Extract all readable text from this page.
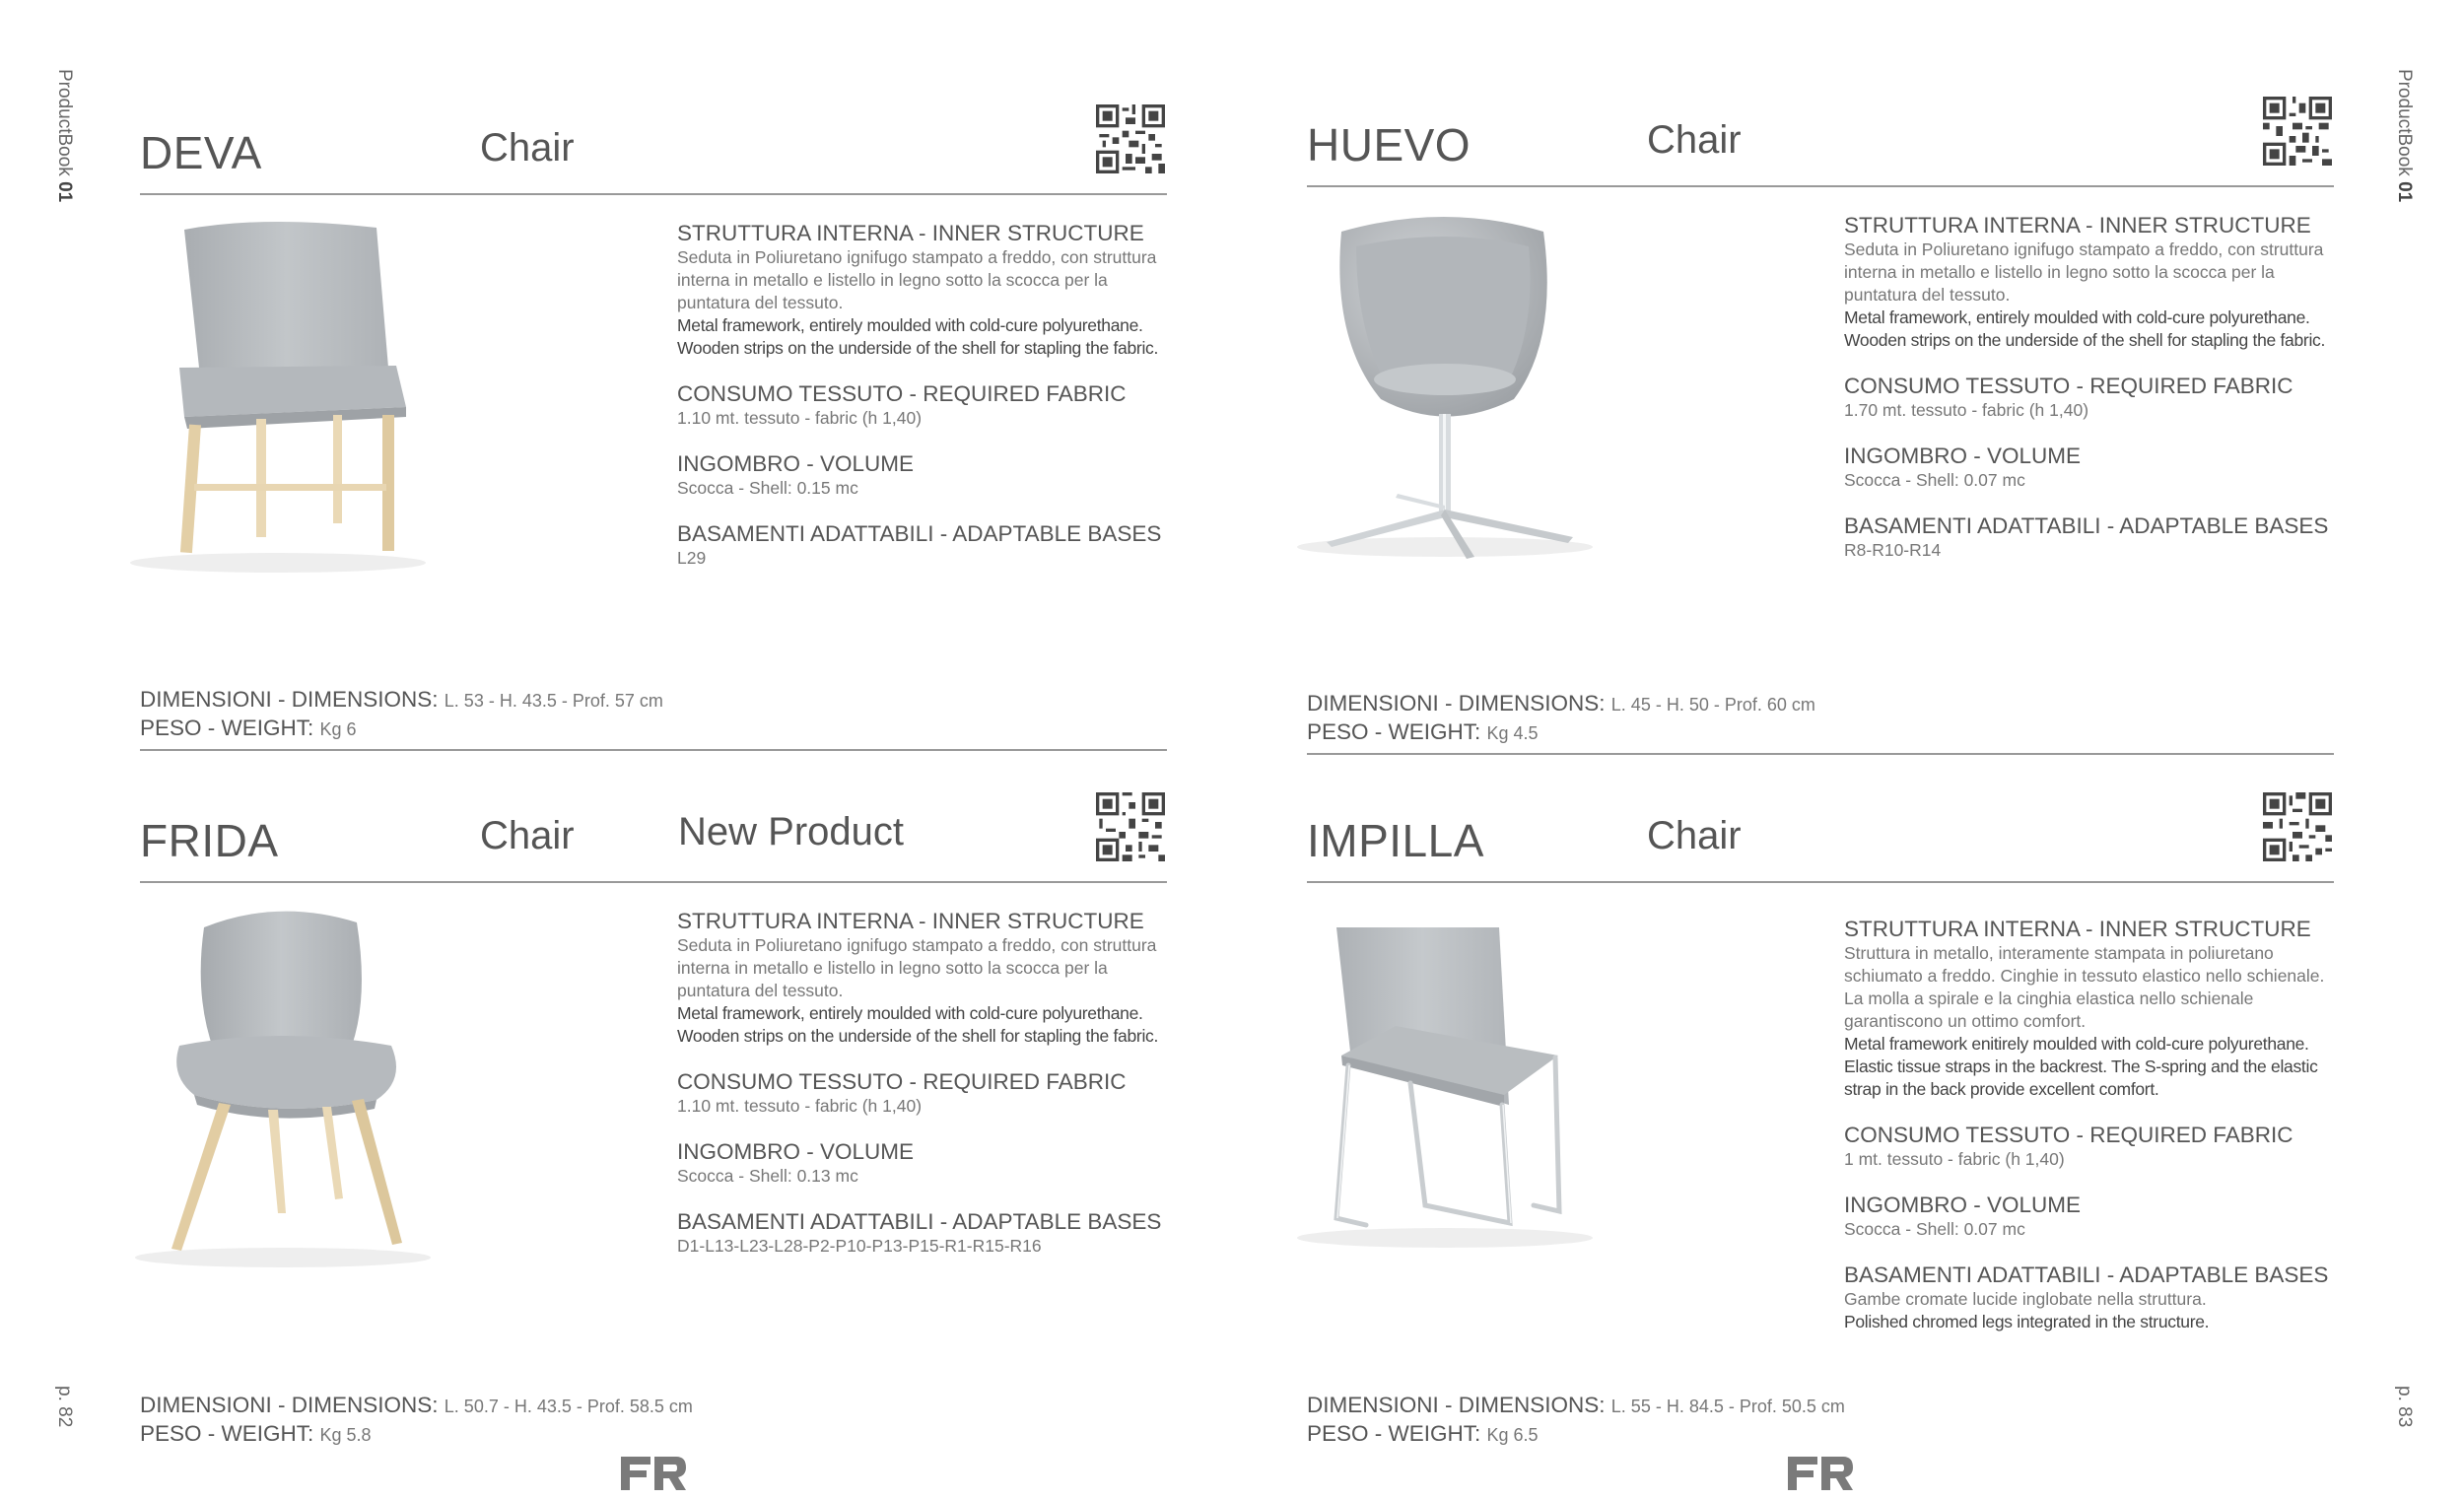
ProductBook 01
ProductBook 01
p. 82	p. 83
DEVA	Chair

STRUTTURA INTERNA - INNER STRUCTURE

Seduta in Poliuretano ignifugo stampato a freddo, con struttura interna in metallo e listello in legno sotto la scocca per la puntatura del tessuto.

Metal framework, entirely moulded with cold-cure polyurethane. Wooden strips on the underside of the shell for stapling the fabric.

CONSUMO TESSUTO - REQUIRED FABRIC

1.10 mt. tessuto - fabric (h 1,40)

INGOMBRO - VOLUME

Scocca - Shell: 0.15 mc

BASAMENTI ADATTABILI - ADAPTABLE BASES

L29

DIMENSIONI - DIMENSIONS: L. 53 - H. 43.5 - Prof. 57 cm
PESO - WEIGHT: Kg 6
HUEVO	Chair

STRUTTURA INTERNA - INNER STRUCTURE

Seduta in Poliuretano ignifugo stampato a freddo, con struttura interna in metallo e listello in legno sotto la scocca per la puntatura del tessuto.

Metal framework, entirely moulded with cold-cure polyurethane. Wooden strips on the underside of the shell for stapling the fabric.

CONSUMO TESSUTO - REQUIRED FABRIC

1.70 mt. tessuto - fabric (h 1,40)

INGOMBRO - VOLUME

Scocca - Shell: 0.07 mc

BASAMENTI ADATTABILI - ADAPTABLE BASES

R8-R10-R14

DIMENSIONI - DIMENSIONS: L. 45 - H. 50 - Prof. 60 cm
PESO - WEIGHT: Kg 4.5
FRIDA	Chair	New Product

STRUTTURA INTERNA - INNER STRUCTURE

Seduta in Poliuretano ignifugo stampato a freddo, con struttura interna in metallo e listello in legno sotto la scocca per la puntatura del tessuto.

Metal framework, entirely moulded with cold-cure polyurethane. Wooden strips on the underside of the shell for stapling the fabric.

CONSUMO TESSUTO - REQUIRED FABRIC

1.10 mt. tessuto - fabric (h 1,40)

INGOMBRO - VOLUME

Scocca - Shell: 0.13 mc

BASAMENTI ADATTABILI - ADAPTABLE BASES

D1-L13-L23-L28-P2-P10-P13-P15-R1-R15-R16

DIMENSIONI - DIMENSIONS: L. 50.7 - H. 43.5 - Prof. 58.5 cm
PESO - WEIGHT: Kg 5.8
IMPILLA	Chair

STRUTTURA INTERNA - INNER STRUCTURE

Struttura in metallo, interamente stampata in poliuretano schiumato a freddo. Cinghie in tessuto elastico nello schienale. La molla a spirale e la cinghia elastica nello schienale garantiscono un ottimo comfort.

Metal framework enitirely moulded with cold-cure polyurethane. Elastic tissue straps in the backrest. The S-spring and the elastic strap in the back provide excellent comfort.

CONSUMO TESSUTO - REQUIRED FABRIC

1 mt. tessuto - fabric (h 1,40)

INGOMBRO - VOLUME

Scocca - Shell: 0.07 mc

BASAMENTI ADATTABILI - ADAPTABLE BASES

Gambe cromate lucide inglobate nella struttura.

Polished chromed legs integrated in the structure.

DIMENSIONI - DIMENSIONS: L. 55 - H. 84.5 - Prof. 50.5 cm
PESO - WEIGHT: Kg 6.5
